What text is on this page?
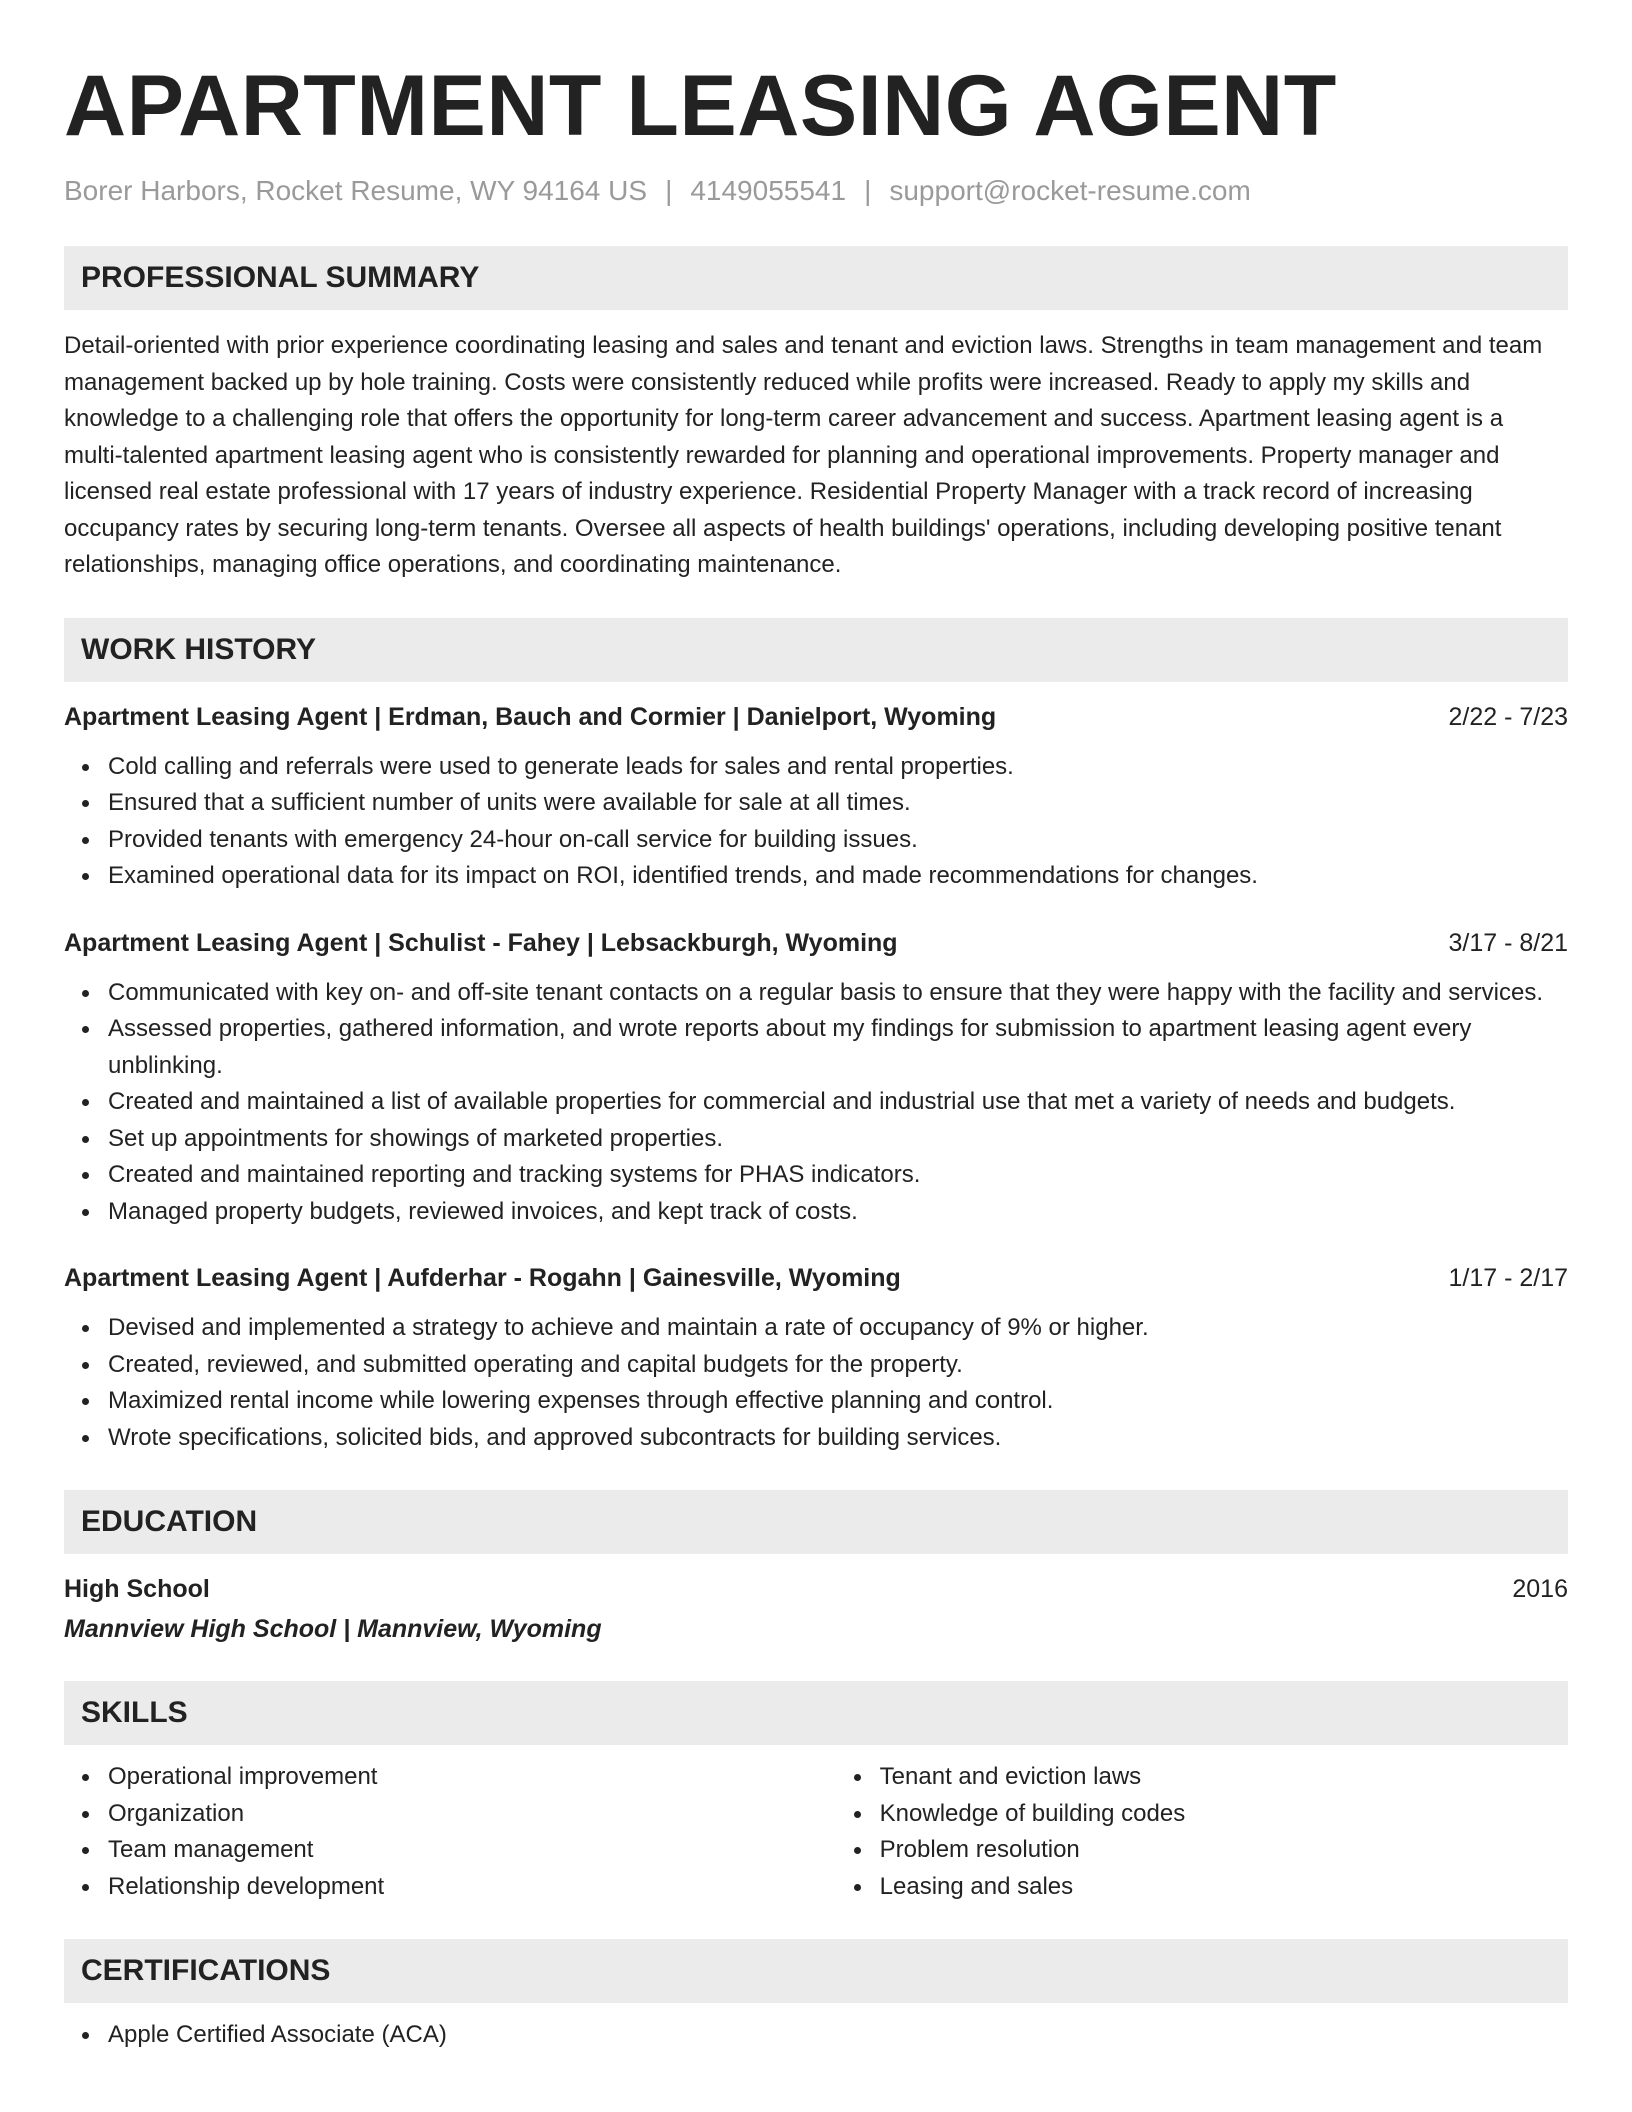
APARTMENT LEASING AGENT
Borer Harbors, Rocket Resume, WY 94164 US | 4149055541 | support@rocket-resume.com
PROFESSIONAL SUMMARY
Detail-oriented with prior experience coordinating leasing and sales and tenant and eviction laws. Strengths in team management and team management backed up by hole training. Costs were consistently reduced while profits were increased. Ready to apply my skills and knowledge to a challenging role that offers the opportunity for long-term career advancement and success. Apartment leasing agent is a multi-talented apartment leasing agent who is consistently rewarded for planning and operational improvements. Property manager and licensed real estate professional with 17 years of industry experience. Residential Property Manager with a track record of increasing occupancy rates by securing long-term tenants. Oversee all aspects of health buildings' operations, including developing positive tenant relationships, managing office operations, and coordinating maintenance.
WORK HISTORY
Apartment Leasing Agent | Erdman, Bauch and Cormier | Danielport, Wyoming	2/22 - 7/23
Cold calling and referrals were used to generate leads for sales and rental properties.
Ensured that a sufficient number of units were available for sale at all times.
Provided tenants with emergency 24-hour on-call service for building issues.
Examined operational data for its impact on ROI, identified trends, and made recommendations for changes.
Apartment Leasing Agent | Schulist - Fahey | Lebsackburgh, Wyoming	3/17 - 8/21
Communicated with key on- and off-site tenant contacts on a regular basis to ensure that they were happy with the facility and services.
Assessed properties, gathered information, and wrote reports about my findings for submission to apartment leasing agent every unblinking.
Created and maintained a list of available properties for commercial and industrial use that met a variety of needs and budgets.
Set up appointments for showings of marketed properties.
Created and maintained reporting and tracking systems for PHAS indicators.
Managed property budgets, reviewed invoices, and kept track of costs.
Apartment Leasing Agent | Aufderhar - Rogahn | Gainesville, Wyoming	1/17 - 2/17
Devised and implemented a strategy to achieve and maintain a rate of occupancy of 9% or higher.
Created, reviewed, and submitted operating and capital budgets for the property.
Maximized rental income while lowering expenses through effective planning and control.
Wrote specifications, solicited bids, and approved subcontracts for building services.
EDUCATION
High School	2016
Mannview High School | Mannview, Wyoming
SKILLS
Operational improvement
Organization
Team management
Relationship development
Tenant and eviction laws
Knowledge of building codes
Problem resolution
Leasing and sales
CERTIFICATIONS
Apple Certified Associate (ACA)
